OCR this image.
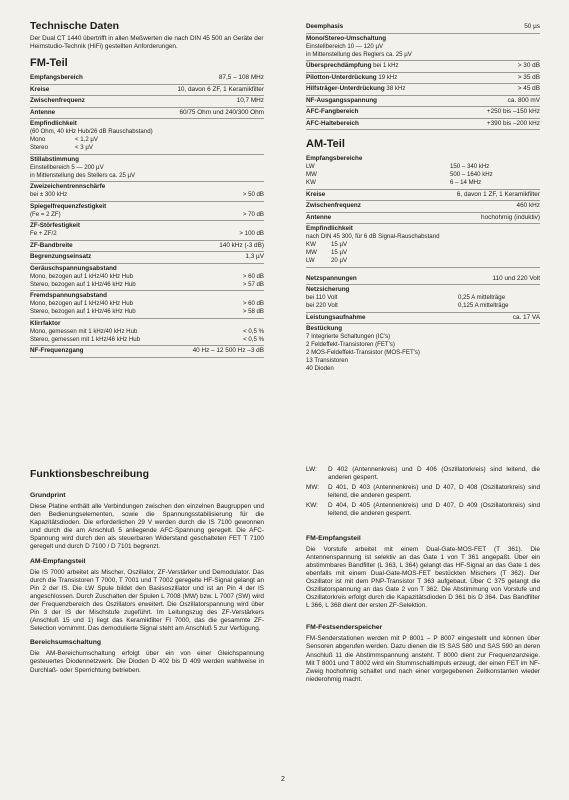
Technische Daten
Der Dual CT 1440 übertrifft in allen Meßwerten die nach DIN 45 500 an Geräte der Heimstudio-Technik (HiFi) gestellten Anforderungen.
FM-Teil
Empfangsbereich	87,5 – 108 MHz
Kreise	10, davon 6 ZF, 1 Keramikfilter
Zwischenfrequenz	10,7 MHz
Antenne	60/75 Ohm und 240/300 Ohm
Empfindlichkeit
(60 Ohm, 40 kHz Hub/26 dB Rauschabstand)
Mono	< 1,2 µV
Stereo	< 3 µV
Stillabstimmung
Einstellbereich 5 — 200 µV
in Mittenstellung des Stellers ca. 25 µV
Zweizeichentrennschärfe
bei ± 300 kHz	> 50 dB
Spiegelfrequenzfestigkeit
(Fe = 2 ZF)	> 70 dB
ZF-Störfestigkeit
Fe + ZF/2	> 100 dB
ZF-Bandbreite	140 kHz (-3 dB)
Begrenzungseinsatz	1,3 µV
Geräuschspannungsabstand
Mono, bezogen auf 1 kHz/40 kHz Hub	> 60 dB
Stereo, bezogen auf 1 kHz/46 kHz Hub	> 57 dB
Fremdspannungsabstand
Mono, bezogen auf 1 kHz/40 kHz Hub	> 60 dB
Stereo, bezogen auf 1 kHz/46 kHz Hub	> 58 dB
Klirrfaktor
Mono, gemessen mit 1 kHz/40 kHz Hub	< 0,5 %
Stereo, gemessen mit 1 kHz/46 kHz Hub	< 0,5 %
NF-Frequenzgang	40 Hz – 12 500 Hz –3 dB
Deemphasis	50 µs
Mono/Stereo-Umschaltung
Einstellbereich 10 — 120 µV
in Mittenstellung des Reglers ca. 25 µV
Übersprechdämpfung bei 1 kHz	> 30 dB
Pilotton-Unterdrückung 19 kHz	> 35 dB
Hilfsträger-Unterdrückung 38 kHz	> 45 dB
NF-Ausgangsspannung	ca. 800 mV
AFC-Fangbereich	+250 bis –150 kHz
AFC-Haltebereich	+390 bis –200 kHz
AM-Teil
Empfangsbereiche
LW	150 – 340 kHz
MW	500 – 1640 kHz
KW	6 – 14 MHz
Kreise	6, davon 1 ZF, 1 Keramikfilter
Zwischenfrequenz	460 kHz
Antenne	hochohmig (induktiv)
Empfindlichkeit
nach DIN 45 300, für 6 dB Signal-Rauschabstand
KW	15 µV
MW	15 µV
LW	20 µV
Netzspannungen	110 und 220 Volt
Netzsicherung
bei 110 Volt	0,25 A mittelträge
bei 220 Volt	0,125 A mittelträge
Leistungsaufnahme	ca. 17 VA
Bestückung
7 Integrierte Schaltungen (IC's)
2 Feldeffekt-Transistoren (FET's)
2 MOS-Feldeffekt-Transistor (MOS-FET's)
13 Transistoren
40 Dioden
Funktionsbeschreibung
Grundprint

Diese Platine enthält alle Verbindungen zwischen den einzelnen Baugruppen und den Bedienungselementen, sowie die Spannungsstabilisierung für die Kapazitätsdioden. Die erforderlichen 29 V werden durch die IS 7100 gewonnen und durch die am Anschluß 5 anliegende AFC-Spannung geregelt. Die AFC-Spannung wird durch den als steuerbaren Widerstand geschalteten FET T 7100 geregelt und durch D 7100 / D 7101 begrenzt.

AM-Empfangsteil

Die IS 7000 arbeitet als Mischer, Oszillator, ZF-Verstärker und Demodulator. Das durch die Transistoren T 7000, T 7001 und T 7002 geregelte HF-Signal gelangt an Pin 2 der IS. Die LW Spule bildet den Basisoszillator und ist an Pin 4 der IS angeschlossen. Durch Zuschalten der Spulen L 7008 (MW) bzw. L 7007 (SW) wird der Frequenzbereich des Oszillators erweitert. Die Oszillatorspannung wird über Pin 3 der IS der Mischstufe zugeführt. Im Leitungszug des ZF-Verstärkers (Anschluß 15 und 1) liegt das Keramikfilter FI 7000, das die gesammte ZF-Selection vornimmt. Das demodulierte Signal steht am Anschluß 5 zur Verfügung.

Bereichsumschaltung

Die AM-Bereichumschaltung erfolgt über ein von einer Gleichspannung gesteuertes Diodennetzwerk. Die Dioden D 402 bis D 409 werden wahlweise in Durchlaß- oder Sperrichtung betrieben.

LW:	D 402 (Antennenkreis) und D 406 (Oszillatorkreis) sind leitend, die anderen gesperrt.
MW:	D 401, D 403 (Antennenkreis) und D 407, D 408 (Oszillatorkreis) sind leitend, die anderen gesperrt.
KW:	D 404, D 405 (Antennenkreis) und D 407, D 409 (Oszillatorkreis) sind leitend, die anderen gesperrt.
FM-Empfangsteil

Die Vorstufe arbeitet mit einem Dual-Gate-MOS-FET (T 361). Die Antennenspannung ist selektiv an das Gate 1 von T 361 angepaßt. Über ein abstimmbares Bandfilter (L 363, L 364) gelangt das HF-Signal an das Gate 1 des ebenfalls mit einem Dual-Gate-MOS-FET bestückten Mischers (T 362). Der Oszillator ist mit dem PNP-Transistor T 363 aufgebaut. Über C 375 gelangt die Oszillatorspannung an das Gate 2 von T 362. Die Abstimmung von Vorstufe und Oszillatorkreis erfolgt durch die Kapazitätsdioden D 361 bis D 364. Das Bandfilter L 366, L 368 dient der ersten ZF-Selektion.

FM-Festsenderspeicher

FM-Senderstationen werden mit P 8001 – P 8007 eingestellt und können über Sensoren abgerufen werden. Dazu dienen die IS SAS 580 und SAS 590 an deren Anschluß 11 die Abstimmspannung ansteht. T 8000 dient zur Frequenzanzeige. Mit T 8001 und T 8002 wird ein Stummschaltimpuls erzeugt, der einen FET im NF-Zweig hochohmig schaltet und nach einer vorgegebenen Zeitkonstanten wieder niederohmig macht.

2
